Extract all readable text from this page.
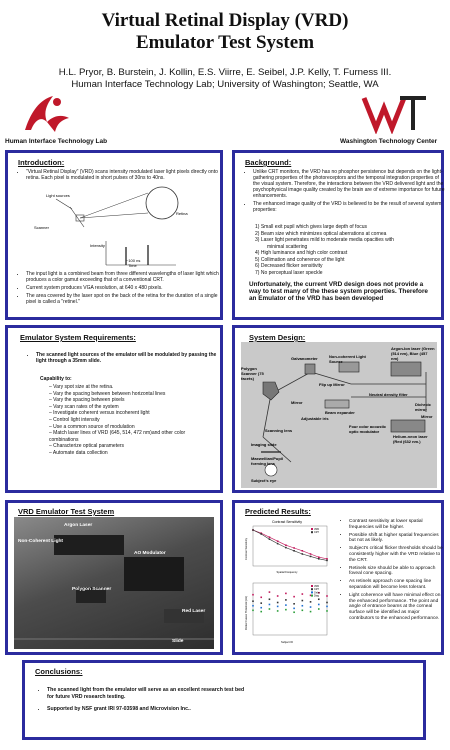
Virtual Retinal Display (VRD)
Emulator Test System
H.L. Pryor, B. Burstein, J. Kollin, E.S. Viirre, E. Seibel, J.P. Kelly, T. Furness III.
Human Interface Technology Lab; University of Washington; Seattle, WA
Human Interface Technology Lab	Washington Technology Center
Introduction:
• "Virtual Retinal Display" (VRD) scans intensity modulated laser light pixels directly onto retina. Each pixel is modulated in short pulses of 30ns to 40ns.
Light sources
Scanner
Retina
Intensity
~100 ns
Time
• The input light is a combined beam from three different wavelengths of laser light which produces a color gamut exceeding that of a conventional CRT.
• Current system produces VGA resolution, at 640 x 480 pixels.
• The area covered by the laser spot on the back of the retina for the duration of a single pixel is called a "retinel."
Background:
• Unlike CRT monitors, the VRD has no phosphor persistence but depends on the light-gathering properties of the photoreceptors and the temporal integration properties of the visual system. Therefore, the interactions between the VRD delivered light and the psychophysical image quality created by the brain are of extreme importance for future enhancements.
• The enhanced image quality of the VRD is believed to be the result of several system properties:
1) Small exit pupil which gives large depth of focus
2) Beam size which minimizes optical aberrations at cornea
3) Laser light penetrates mild to moderate media opacities with
minimal scattering
4) High luminance and high color contrast
5) Collimation and coherence of the light
6) Decreased flicker sensitivity
7) No perceptual laser speckle
Unfortunately, the current VRD design does not provide a way to test many of the these system properties. Therefore an Emulator of the VRD has been developed
Emulator System Requirements:
• The scanned light sources of the emulator will be modulated by passing the light through a 35mm slide.
Capability to:
– Vary spot size at the retina.
– Vary the spacing between between horizontal lines
– Vary the spacing between pixels
– Vary scan rates of the system
– Investigate coherent versus incoherent light
– Control light intensity
– Use a common source of modulation
– Match laser lines of VRD (645, 514, 472 nm)and other color combinations
– Characterize optical parameters
– Automate data collection
System Design:
Galvanometer	Non-coherent Light Source
Argon-Ion laser (Green (514 nm), Blue (457 nm)
Polygon Scanner (75 facets)
Neutral density filter
Flip up Mirror
Mirror	Dichroic mirror
Mirror
Beam expander
Adjustable iris
Scanning lens
Imaging slide
Four color acoustic optic modulator
Helium-neon laser (Red (632 nm.)
Maxwellian/Pupil forming lens
Subject's eye
VRD Emulator Test System
Argon Laser
Non-Coherent Light
AO Modulator
Polygon Scanner
Red Laser
Slide
Predicted Results:
Contrast Sensitivity
Contrast Sensitivity
Spatial Frequency
VRD
CRT
Flicker Fusion Threshold (Hz)
Subject ID
VRD
CRT
Ortho
Diag
• Contrast sensitivity at lower spatial frequencies will be higher.
• Possible shift at higher spatial frequencies but not as likely.
• Subject's critical flicker thresholds should be consistently higher with the VRD relative to the CRT.
• Retinels size should be able to approach foveal cone spacing.
• As retinels approach cone spacing line separation will become less tolerant.
• Light coherence will have minimal effect on the enhanced performance. The point and angle of entrance beams at the corneal surface will be identified as major contributors to the enhanced performance.
Conclusions:
• The scanned light from the emulator will serve as an excellent research test bed for future VRD research testing.
• Supported by NSF grant IRI 97-03598 and Microvision Inc..
